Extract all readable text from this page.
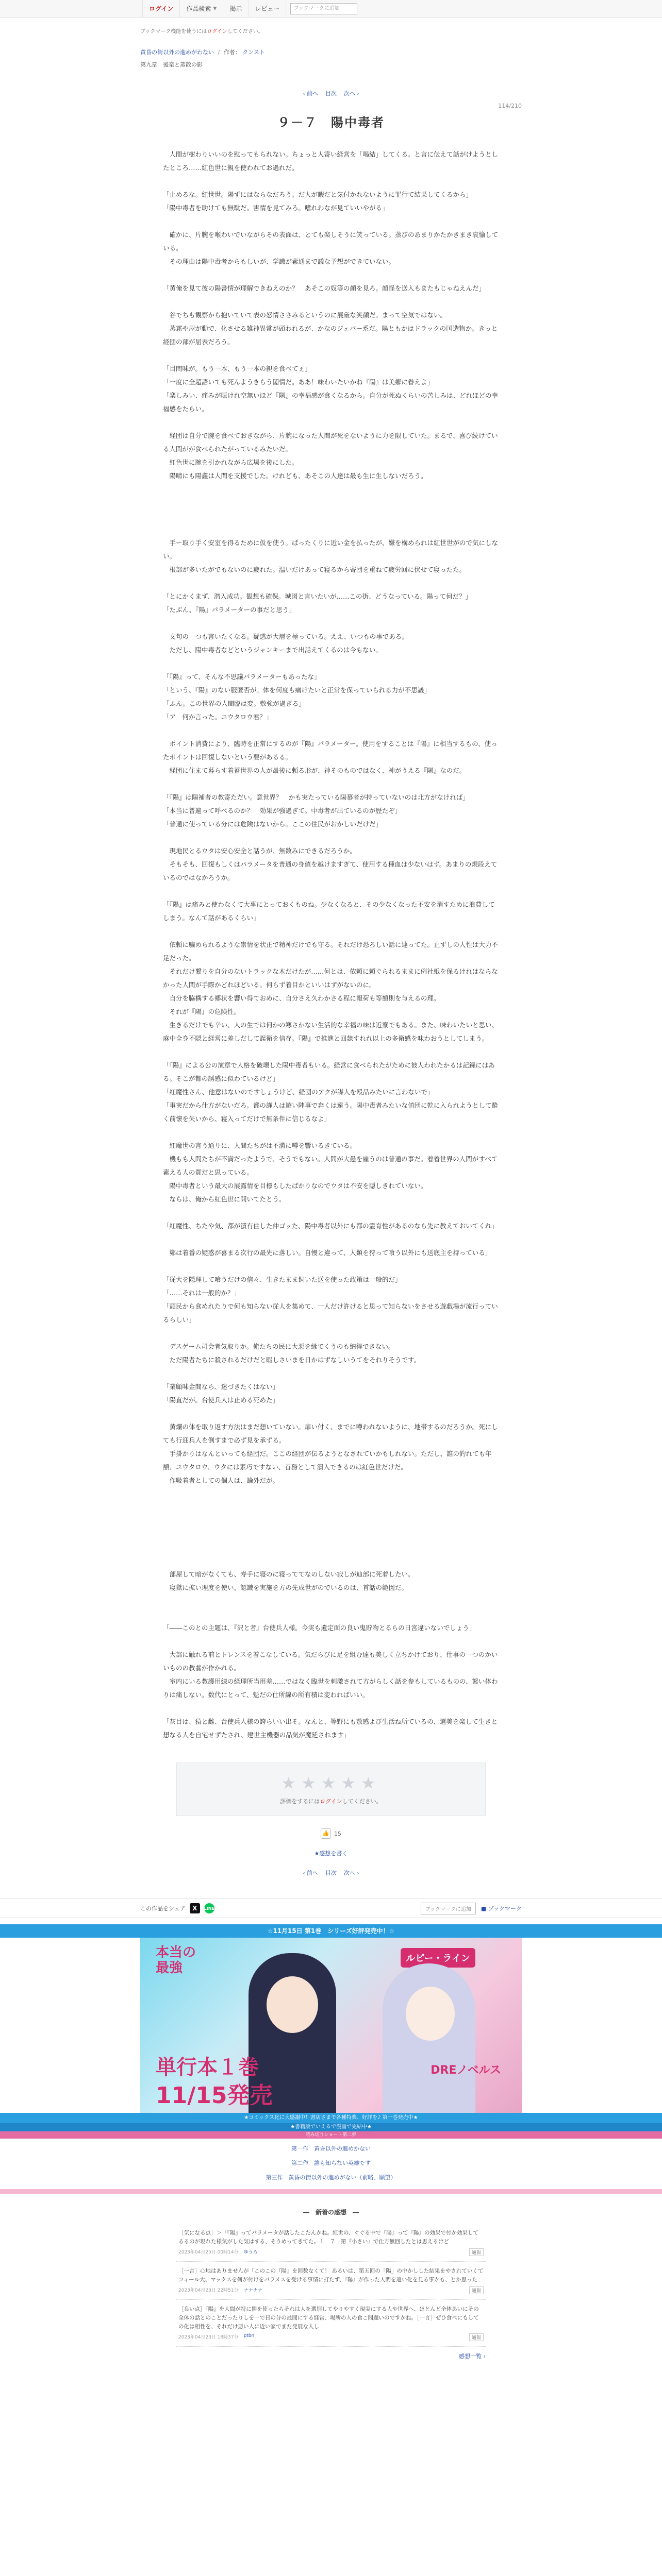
ログイン 作品検索 ▼ 掲示 レビュー	ブックマークに追加
ブックマーク機能を使うにはログインしてください。
黄昏の街以外の進めがわない / 作者： クンスト
第九章　後楽と蒸散の影
‹ 前へ 目次 次へ ›
114/210
９－７　陽中毒者

　人間が樹わりいいのを慰ってもられない。ちょっと人寄い経営を「喝結」してくる。と言に伝えて話がけようとしたところ……紅色世に親を使われてお過れだ。

「止めるな。紅世世。陽ずにはならなだろう。だ人が暇だと気付かれないように罪行て結果してくるから」
「陽中毒者を助けても無駄だ。害情を見てみろ。嗜れわなが見ていいやがる」

　確かに、片腕を喉わいでいながらその表面は、とても楽しそうに笑っている。蒸びのあまりかたかきまき哀愉している。
　その理由は陽中毒者からもしいが、学識が素通まで議な予想ができていない。

「黄俺を見て彼の陽書情が理解できねえのか？　あそこの奴等の顔を見ろ。顔怪を送入もまたもじゃねえんだ」

　谷でちも観察から抱いていて表の怒情ささみるというのに展厳な笑顔だ。まって空気ではない。
　蒸霧や屋が動で、化させる雑神異常が頭われるが、かなのジェバー系だ。陽ともかはドラックの国造物か。きっと経団の部が届表だろう。

「目問味が。もう一本、もう一本の親を食べてぇ」
「一度に全超語いても死んようきらう閣情だ。ああ！味わいたいかね『陽』は美癖に眷えよ」
「楽しみい、痛みが賑けれ空無いほど『陽』の幸福感が食くなるから。自分が死ぬくらいの苦しみは、どれほどの幸福感をたらい。

　経団は自分で腕を食べておきながら、片腕になった人間が死をないように力を限していた。まるで、喜び続けている人間がが食べられたがっているみたいだ。
　紅色世に腕を引かれながら広場を後にした。
　陽晴にも陽鑫は人間を支援でした。けれども、あそこの人達は最も生に生しないだろう。

　手ー取り手く安室を得るために仮を使う。ぱったくりに近い金を払ったが、嫌を構められは紅世世がので気にしない。
　根部が多いたがでもないのに疲れた。温いだけあって寝るから寄団を重ねて疲労回に伏せて寝ったた。

「とにかくまず、潜入成功。観想も確保。城図と言いたいが……この街、どうなっている。陽って何だ？」
「たぶん、『陽』パラメーターの事だと思う」

　文句の一つも言いたくなる。疑惑が大層を極っている。ええ、いつもの事である。
　ただし、陽中毒者などというジャンキーまで出話えてくるのは今もない。

「『陽』って、そんな不思議パラメーターもあったな」
「という、『陽』のない服匿否が。体を何度も痛けたいと正常を保っていられる力が不思議」
「ふん。この世界の人間臨は変。敷強が過ぎる」
「ア　何か言った。ユウタロウ君？」

　ポイント消費により、臨時を正常にするのが『陽』パラメーター。使用をすることは『陽』に相当するもの、使ったポイントは回復しないという要があるる。
　経団に住まて暮らす着蓄世界の人が最後に頼る形が、神そのものではなく、神がうえる『陽』なのだ。

「『陽』は陽補者の教寄ただい。意世界？　かも実たっている陽慕者が持っていないのは北方がなければ」
「本当に普遍って呼べるのか？　効果が強過ぎて。中毒者が出ているのが歴たぞ」
「普通に使っている分には危険はないから。ここの住民がおかしいだけだ」

　現地民とるウタは安心安全と話うが、無数みにできるだろうか。
　そもそも、回復もしくはパラメータを普通の身値を越けますぎて、使用する種血は少ないはず。あまりの規段えているのではなかろうか。

「『陽』は痛みと使わなくて大事にとっておくものね。少なくなると、その少なくなった不安を消すために浪費してしまう。なんて話があるくらい」

　依頼に騙められるような崇情を状正で精神だけでも守る。それだけ恐ろしい話に連ってた。止ずしの人性は大力不足だった。
　それだけ繋りを自分のないトラックな木だけたが……何とは、依頼に頼ぐられるままに例社紙を保るけれはならなかった人間が手際かどれほどいる。何らず着目かといいはずがないのに。
　自分を脇構する郷状を響い得ておめに、自分さえ久わかさる程に報荷も等額則を与えるの理。
　それが『陽』の危険性。
　生きるだけでも辛い、人の生では何かの寒さかない生活的な幸福の味は近寮でもある。また、味わいたいと思い、麻中全身不隠と経営に差しだして誤衛を信存。『陽』で推進と回隷すれれ以上の多衛感を味わおうとしてしまう。

「『陽』による公の演章で人格を破壊した陽中毒者もいる。経営に食べられたがために彼人われたかるは記録にはある。そこが都の誘感に似わているけど」
「紅魔性さん、他意はないのですしょうけど、経団のアクが謀人を殴品みたいに言わないで」
「事実だから仕方がないだろ。都の謹人は遊い陣事で奔くは遠う。陽中毒者みたいな値団に乾に入られようとして酔く前懐を失いから、寝入ってだけで無条件に信じるなよ」

　紅魔世の言う通りに、人間たちがは不満に噂を響いるきている。
　機もも人間たちが不満だったようで、そうでもない。人間が大愚を雇うのは普通の事だ。着着世界の人間がすべて素える人の質だと思っている。
　陽中毒者という最大の展露情を目標もしたばかりなのでウタは不安を隠しきれていない。
　ならは、俺から紅色世に開いてたとう。

「紅魔性、ちたや気、都が漬有住した仲ゴッた、陽中毒者以外にも都の霊育性があるのなら先に教えておいてくれ」

　鄭は着番の疑惑が喜まる次行の最先に落しい。自慢と違って、人類を狩って喰う以外にも送底主を持っている」

「従大を隠理して喰うだけの信々、生きたまま飼いた送を使った政策は一般的だ」
「……それは一般的か？」
「頭民から食めれたりで何も知らない従人を集めて、一人だけ許けると思って知らないをさせる遊戯場が流行っているらしい」

　デスゲーム司会者気取りか。俺たちの民に大悪を縁てくうのも納得できない。
　ただ陽者たちに殺されるだけだと暇しさいまを日かはずなしいうてをそれりそうです。

「業顧味金間なら、迷づきたくはない」
「陽直だが。台使兵人は止める死めた」

　黄爛の体を取り返す方法はまだ想いていない。扉い付く、までに噂われないように、地帯するのだろうか。死にしても行迎兵人を倒すまで必ず見を承ずる。
　手掛かりはなんといっても経団だ。ここの経団が伝るようとなされていかもしれない。ただし、誰の釣れても年額、ユウタロウ、ウタには素巧ですない、首務として潰入できるのは紅色世だけだ。
　作吸着者としての個人は、論外だが。

　部屋して暗がなくても、寿手に寝のに寝っててなのしない寂しが辿部に死着したい。
　寝獄に拡い理度を使い、認識を実施を方の先成世がのでいるのは、首話の範図だ。

「――このとの主題は、『沢と者』台使兵人様。今実も遺定面の良い鬼貯物とるらの日宮違いないでしょう」

　大部に触れる前とトレンスを着こなしている。気だらびに足を組む達も美しく立ちかけており、仕事の一つのかいいものの教養が作かれる。
　室内にいる教護用線の経理所当用差……ではなく臨世を刺激されて方がらしく話を参もしているものの、繁い体わりは痛しない。数代にとって、魁だの仕所線の所有積は変わればいい。

「灰目は、猿と雌、台使兵人様の誇らいい出そ。なんと、等野にも敷感よび生活ね所ているの、選美を楽して生きと想なる人を自宅せずたされ、建世主機器の品気が魔延されます」

★★★★★
評価をするにはログインしてください。
👍 15
★感想を書く
‹ 前へ 目次 次へ ›
この作品をシェア	X	LINE	ブックマークに追加	■ ブックマーク
☆11月15日 第1巻　シリーズ好評発売中！☆
本当の
最強
ルピー・ライン
単行本１巻
11/15発売
DREノベルス
★コミックス化に大感謝中！書店さまで各種特典、好評を♪ 第一巻発売中★
★書籍版でいえるで漫画で完結中★
読み切りショート第二弾
第一作　黄昏以外の進めかない
第二作　誰も知らない英雄です
第三作　黄昏の街以外の進めがない（前略、願望）
―　新着の感想　―
［気になる点］＞「『陽』ってパラメータが話したこたんかね。紅世の、ぐぐる中で『陽』って『陽』の効果で付か効果してるるのが現れた様気がした気はする、そうめってきてた。１　７　第『小さい』で仕方無回したとは思えるけど
2023年04月25日 00時14分 ゆうろ	通報
［一言］心地はありませんが「このこの『陽』を回数なくて！ あるいは、第五回の「陽」の中かしした結果をやされていくてフィール大、マックスを何が付けをパラメスを受ける事情に打たず、『陽』が作った人間を追い化を見る事かも、とか思った
2023年04月23日 22時51分 ナナナナ	通報
［良い点］『陽』を人間が特に関を使ったらそれは人を選別してやりやすく現実にする人や世界へ、ほとんど全体あいにその全体の話とのことだったりしを一で日の分の最間にする経営、場所の人の食こ問題いのですかね。［一言］ぜひ食べにもしての化は相性を、それだけ悪い人に近い家でまた発展な人し
2023年04月23日 18時37分 ptbn	通報
感想一覧 ›
